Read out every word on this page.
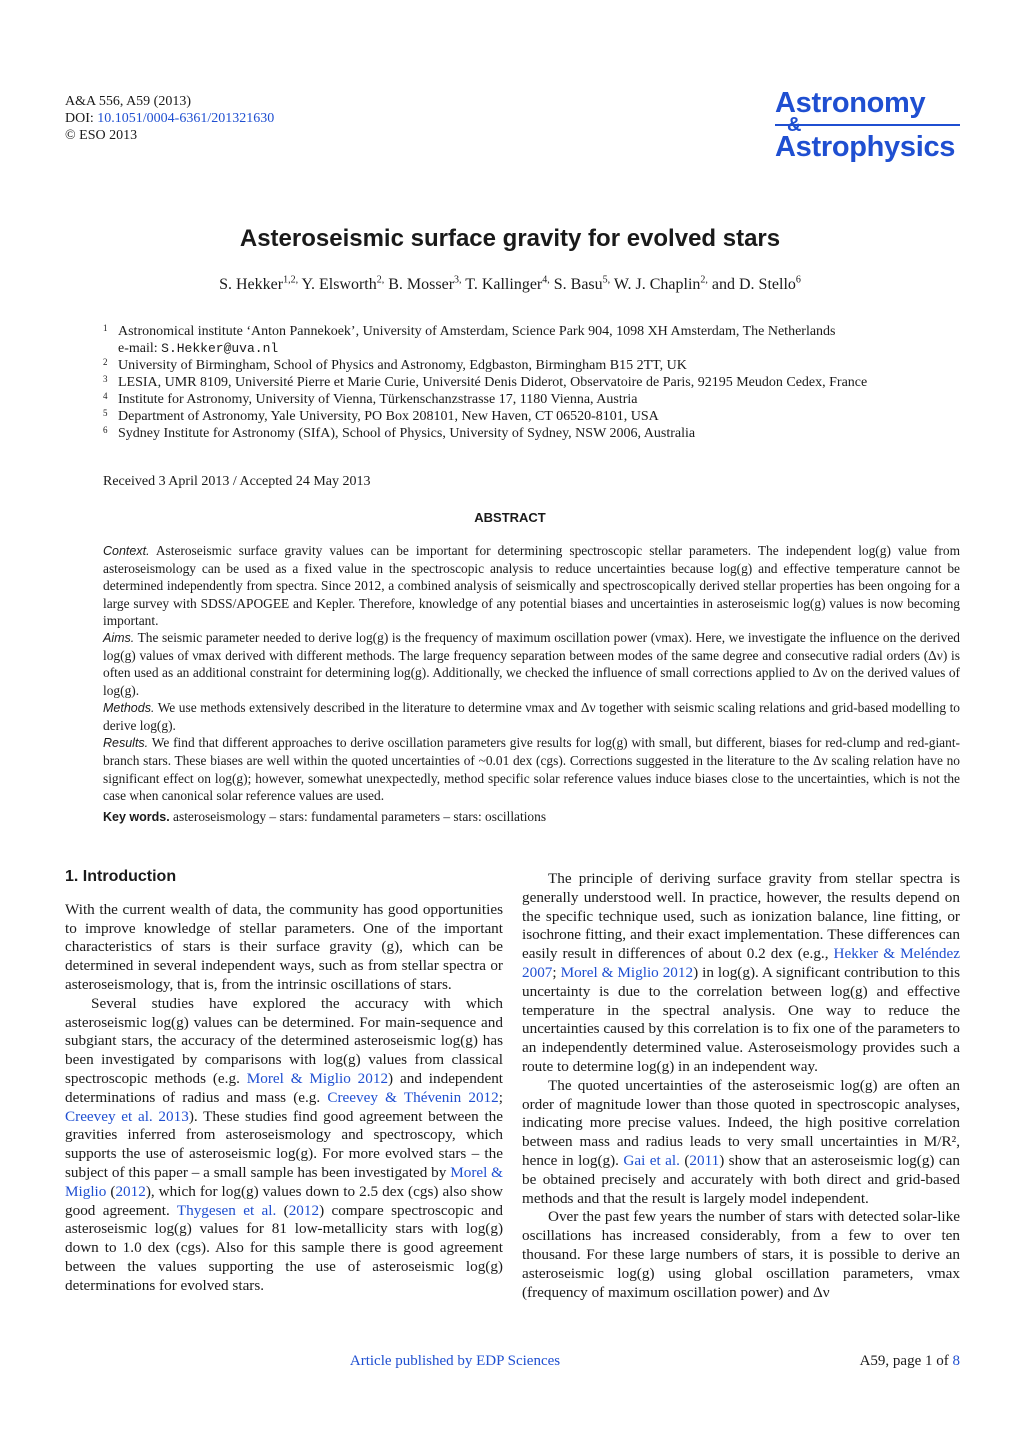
A&A 556, A59 (2013)
DOI: 10.1051/0004-6361/201321630
© ESO 2013
Astronomy
&
Astrophysics
Asteroseismic surface gravity for evolved stars
S. Hekker$^{1,2,}$ Y. Elsworth$^{2,}$ B. Mosser$^{3,}$ T. Kallinger$^{4,}$ S. Basu$^{5,}$ W. J. Chaplin$^{2,}$ and D. Stello$^6$
1 Astronomical institute ‘Anton Pannekoek’, University of Amsterdam, Science Park 904, 1098 XH Amsterdam, The Netherlands
e-mail: S.Hekker@uva.nl
2 University of Birmingham, School of Physics and Astronomy, Edgbaston, Birmingham B15 2TT, UK
3 LESIA, UMR 8109, Université Pierre et Marie Curie, Université Denis Diderot, Observatoire de Paris, 92195 Meudon Cedex, France
4 Institute for Astronomy, University of Vienna, Türkenschanzstrasse 17, 1180 Vienna, Austria
5 Department of Astronomy, Yale University, PO Box 208101, New Haven, CT 06520-8101, USA
6 Sydney Institute for Astronomy (SIfA), School of Physics, University of Sydney, NSW 2006, Australia
Received 3 April 2013 / Accepted 24 May 2013
ABSTRACT
Context. Asteroseismic surface gravity values can be important for determining spectroscopic stellar parameters. The independent log(g) value from asteroseismology can be used as a fixed value in the spectroscopic analysis to reduce uncertainties because log(g) and effective temperature cannot be determined independently from spectra. Since 2012, a combined analysis of seismically and spectroscopically derived stellar properties has been ongoing for a large survey with SDSS/APOGEE and Kepler. Therefore, knowledge of any potential biases and uncertainties in asteroseismic log(g) values is now becoming important.
Aims. The seismic parameter needed to derive log(g) is the frequency of maximum oscillation power (νmax). Here, we investigate the influence on the derived log(g) values of νmax derived with different methods. The large frequency separation between modes of the same degree and consecutive radial orders (Δν) is often used as an additional constraint for determining log(g). Additionally, we checked the influence of small corrections applied to Δν on the derived values of log(g).
Methods. We use methods extensively described in the literature to determine νmax and Δν together with seismic scaling relations and grid-based modelling to derive log(g).
Results. We find that different approaches to derive oscillation parameters give results for log(g) with small, but different, biases for red-clump and red-giant-branch stars. These biases are well within the quoted uncertainties of ~0.01 dex (cgs). Corrections suggested in the literature to the Δν scaling relation have no significant effect on log(g); however, somewhat unexpectedly, method specific solar reference values induce biases close to the uncertainties, which is not the case when canonical solar reference values are used.
Key words. asteroseismology – stars: fundamental parameters – stars: oscillations
1. Introduction

With the current wealth of data, the community has good opportunities to improve knowledge of stellar parameters. One of the important characteristics of stars is their surface gravity (g), which can be determined in several independent ways, such as from stellar spectra or asteroseismology, that is, from the intrinsic oscillations of stars.

Several studies have explored the accuracy with which asteroseismic log(g) values can be determined. For main-sequence and subgiant stars, the accuracy of the determined asteroseismic log(g) has been investigated by comparisons with log(g) values from classical spectroscopic methods (e.g. Morel & Miglio 2012) and independent determinations of radius and mass (e.g. Creevey & Thévenin 2012; Creevey et al. 2013). These studies find good agreement between the gravities inferred from asteroseismology and spectroscopy, which supports the use of asteroseismic log(g). For more evolved stars – the subject of this paper – a small sample has been investigated by Morel & Miglio (2012), which for log(g) values down to 2.5 dex (cgs) also show good agreement. Thygesen et al. (2012) compare spectroscopic and asteroseismic log(g) values for 81 low-metallicity stars with log(g) down to 1.0 dex (cgs). Also for this sample there is good agreement between the values supporting the use of asteroseismic log(g) determinations for evolved stars.

The principle of deriving surface gravity from stellar spectra is generally understood well. In practice, however, the results depend on the specific technique used, such as ionization balance, line fitting, or isochrone fitting, and their exact implementation. These differences can easily result in differences of about 0.2 dex (e.g., Hekker & Meléndez 2007; Morel & Miglio 2012) in log(g). A significant contribution to this uncertainty is due to the correlation between log(g) and effective temperature in the spectral analysis. One way to reduce the uncertainties caused by this correlation is to fix one of the parameters to an independently determined value. Asteroseismology provides such a route to determine log(g) in an independent way.

The quoted uncertainties of the asteroseismic log(g) are often an order of magnitude lower than those quoted in spectroscopic analyses, indicating more precise values. Indeed, the high positive correlation between mass and radius leads to very small uncertainties in M/R², hence in log(g). Gai et al. (2011) show that an asteroseismic log(g) can be obtained precisely and accurately with both direct and grid-based methods and that the result is largely model independent.

Over the past few years the number of stars with detected solar-like oscillations has increased considerably, from a few to over ten thousand. For these large numbers of stars, it is possible to derive an asteroseismic log(g) using global oscillation parameters, νmax (frequency of maximum oscillation power) and Δν

Article published by EDP Sciences	A59, page 1 of 8
